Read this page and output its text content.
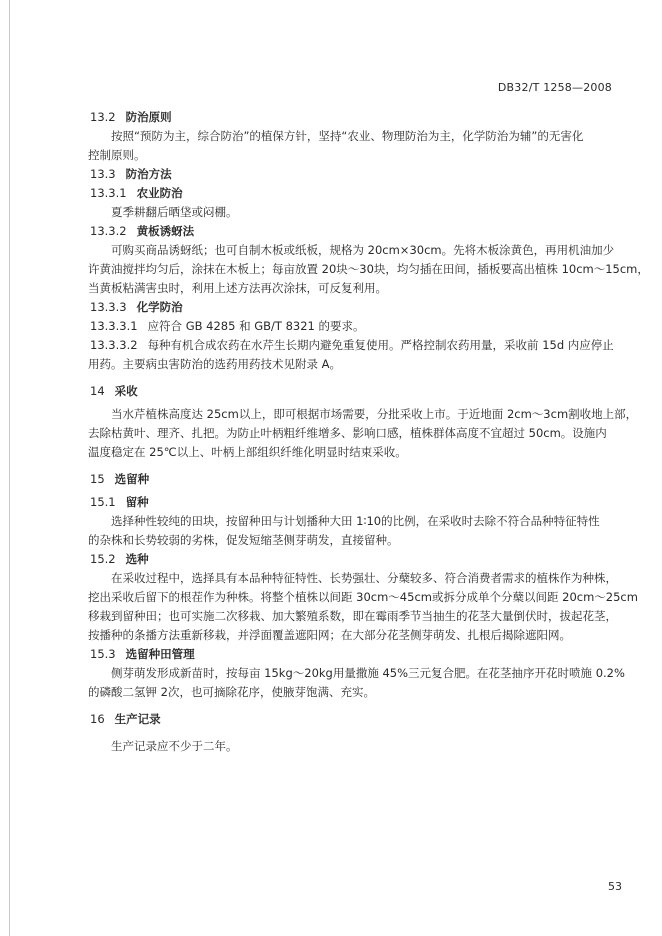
DB32/T 1258—2008
13.2 防治原则
按照“预防为主，综合防治”的植保方针，坚持“农业、物理防治为主，化学防治为辅”的无害化
控制原则。
13.3 防治方法
13.3.1 农业防治
夏季耕翻后晒垡或闷棚。
13.3.2 黄板诱蚜法
可购买商品诱蚜纸；也可自制木板或纸板，规格为 20cm×30cm。先将木板涂黄色，再用机油加少
许黄油搅拌均匀后，涂抹在木板上；每亩放置 20块～30块，均匀插在田间，插板要高出植株 10cm～15cm，
当黄板粘满害虫时，利用上述方法再次涂抹，可反复利用。
13.3.3 化学防治
13.3.3.1 应符合 GB 4285 和 GB/T 8321 的要求。
13.3.3.2 每种有机合成农药在水芹生长期内避免重复使用。严格控制农药用量，采收前 15d 内应停止
用药。主要病虫害防治的选药用药技术见附录 A。
14 采收
当水芹植株高度达 25cm以上，即可根据市场需要，分批采收上市。于近地面 2cm～3cm割收地上部，
去除枯黄叶、理齐、扎把。为防止叶柄粗纤维增多、影响口感，植株群体高度不宜超过 50cm。设施内
温度稳定在 25℃以上、叶柄上部组织纤维化明显时结束采收。
15 选留种
15.1 留种
选择种性较纯的田块，按留种田与计划播种大田 1∶10的比例，在采收时去除不符合品种特征特性
的杂株和长势较弱的劣株，促发短缩茎侧芽萌发，直接留种。
15.2 选种
在采收过程中，选择具有本品种特征特性、长势强壮、分蘖较多、符合消费者需求的植株作为种株，
挖出采收后留下的根茬作为种株。将整个植株以间距 30cm～45cm或拆分成单个分蘖以间距 20cm～25cm
移栽到留种田；也可实施二次移栽、加大繁殖系数，即在霉雨季节当抽生的花茎大量倒伏时，拔起花茎，
按播种的条播方法重新移栽，并浮面覆盖遮阳网；在大部分花茎侧芽萌发、扎根后揭除遮阳网。
15.3 选留种田管理
侧芽萌发形成新苗时，按每亩 15kg～20kg用量撒施 45%三元复合肥。在花茎抽序开花时喷施 0.2%
的磷酸二氢钾 2次，也可摘除花序，使腋芽饱满、充实。
16 生产记录
生产记录应不少于二年。
53
